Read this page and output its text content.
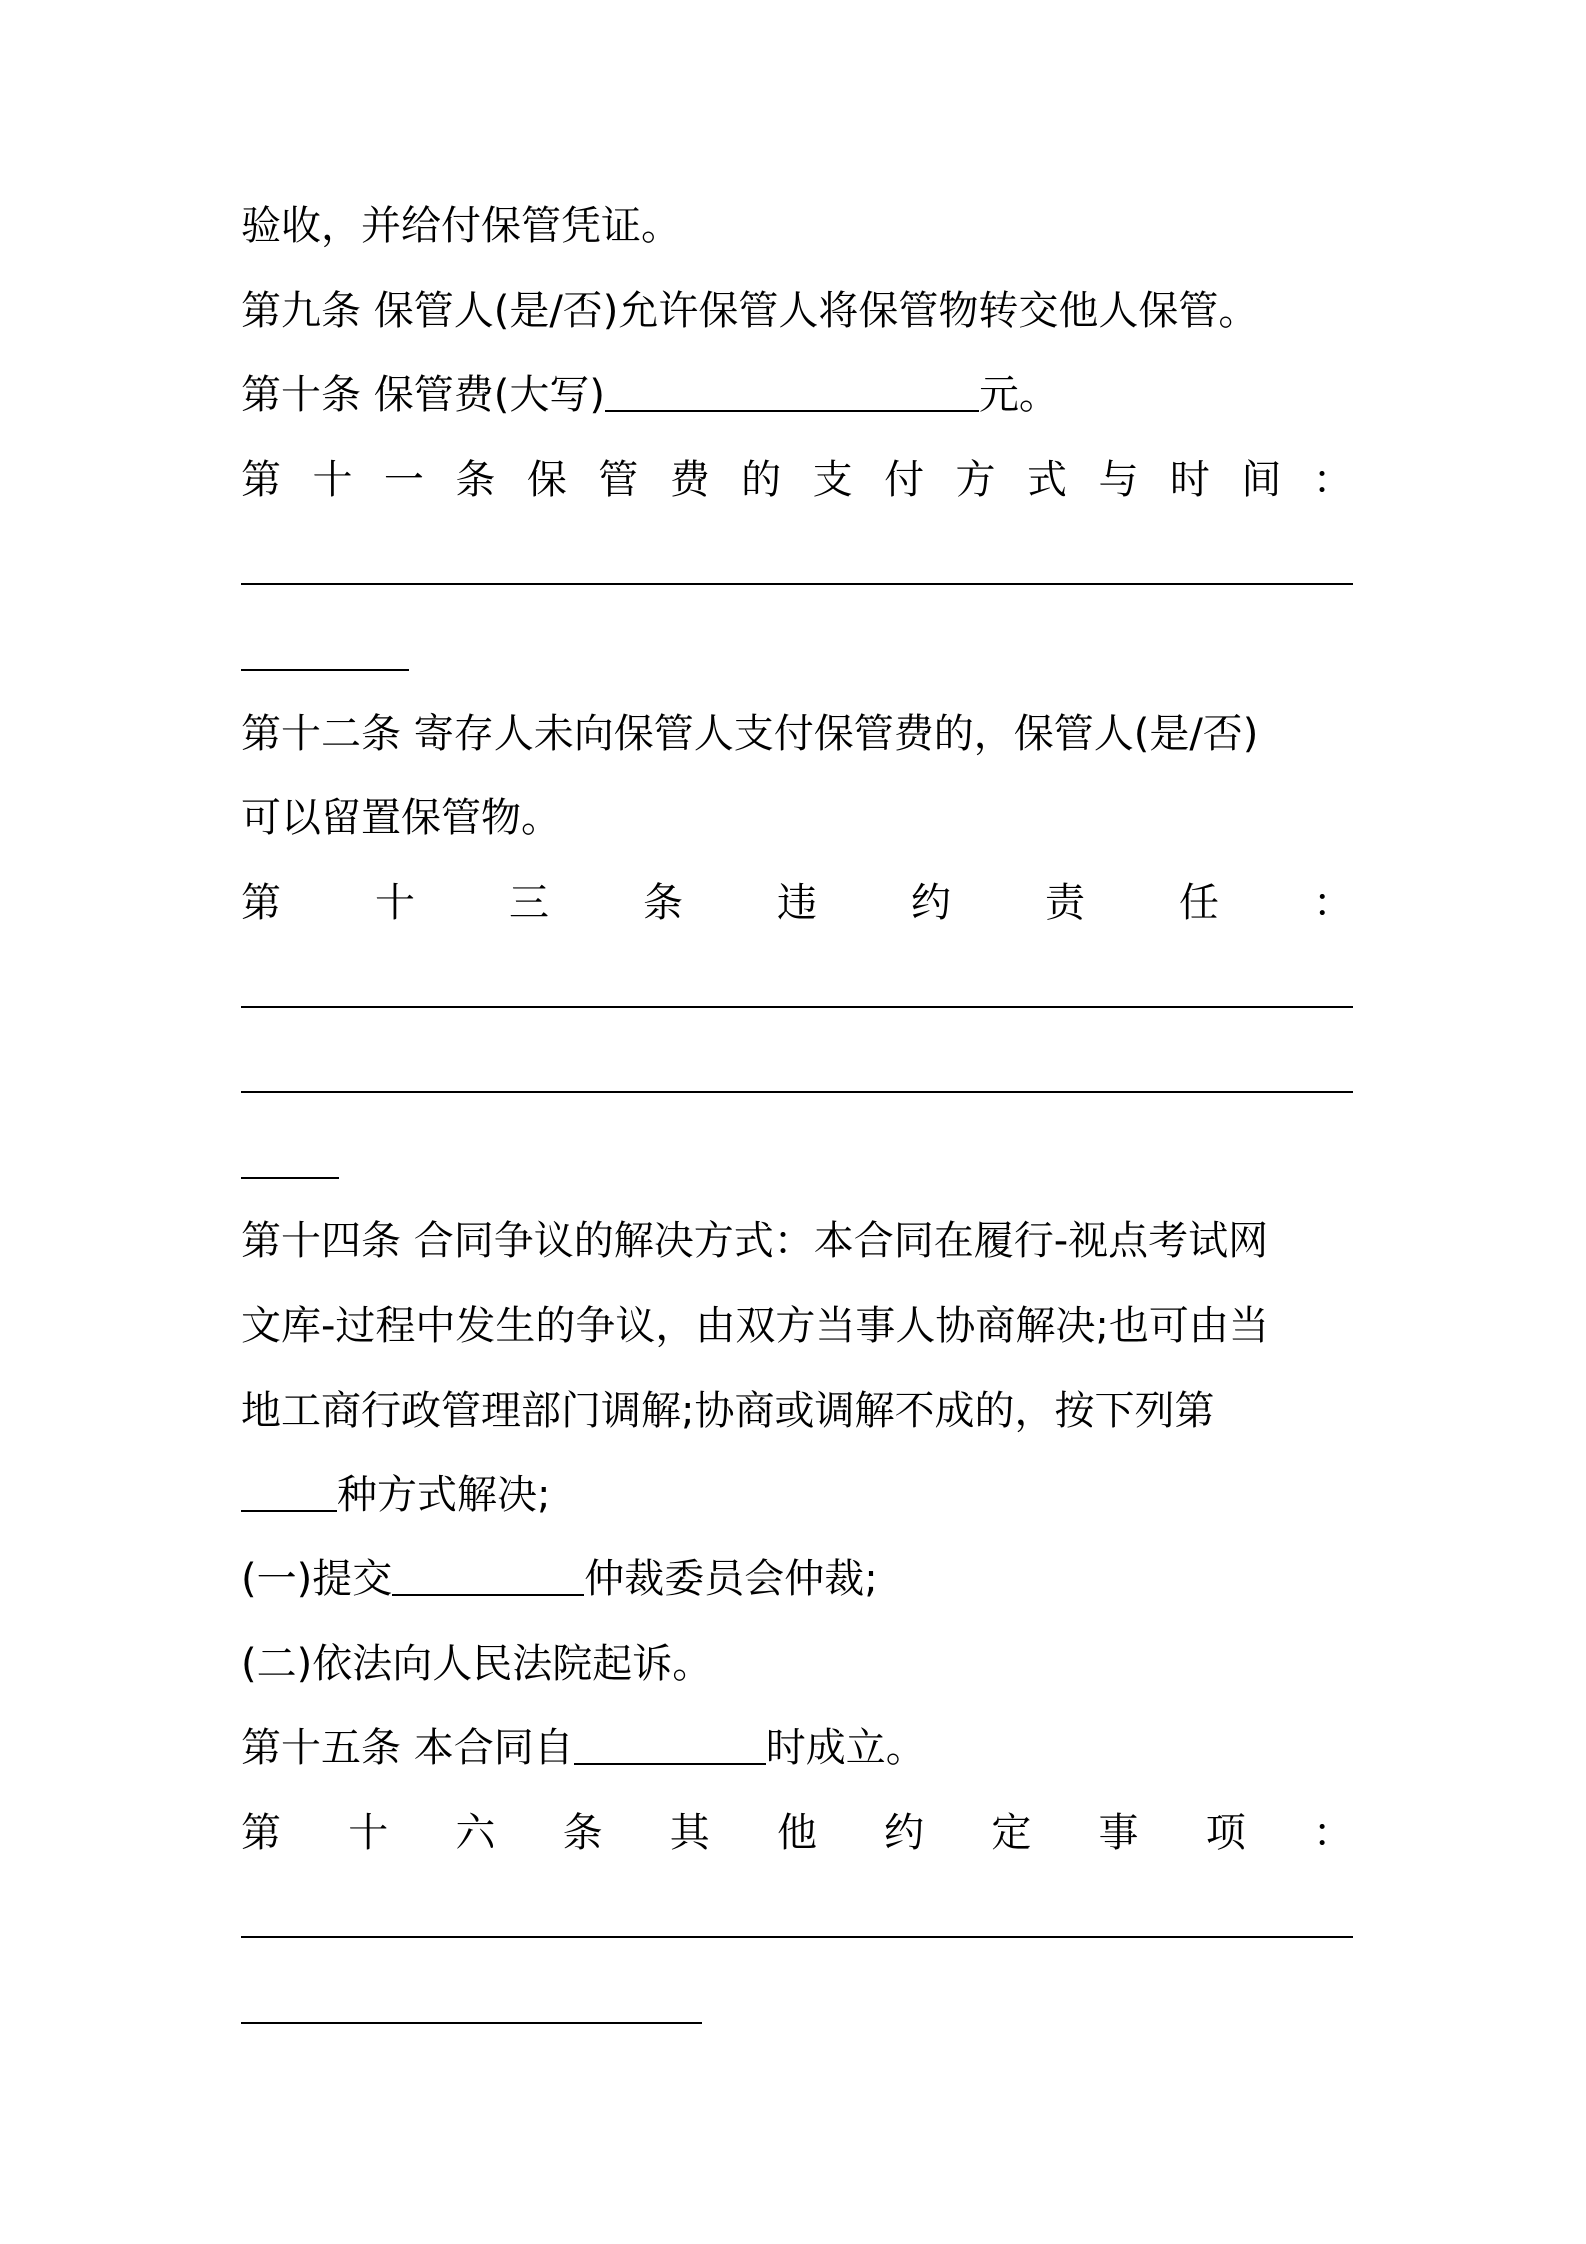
验收，并给付保管凭证。
第九条 保管人(是/否)允许保管人将保管物转交他人保管。
第十条 保管费(大写)	元。
第 十 一 条 保 管 费 的 支 付 方 式 与 时 间 ：
第十二条 寄存人未向保管人支付保管费的，保管人(是/否)
可以留置保管物。
第 十 三 条 违 约 责 任 ：
第十四条 合同争议的解决方式：本合同在履行-视点考试网
文库-过程中发生的争议，由双方当事人协商解决;也可由当
地工商行政管理部门调解;协商或调解不成的，按下列第
种方式解决;
(一)提交	仲裁委员会仲裁;
(二)依法向人民法院起诉。
第十五条 本合同自	时成立。
第 十 六 条 其 他 约 定 事 项 ：
